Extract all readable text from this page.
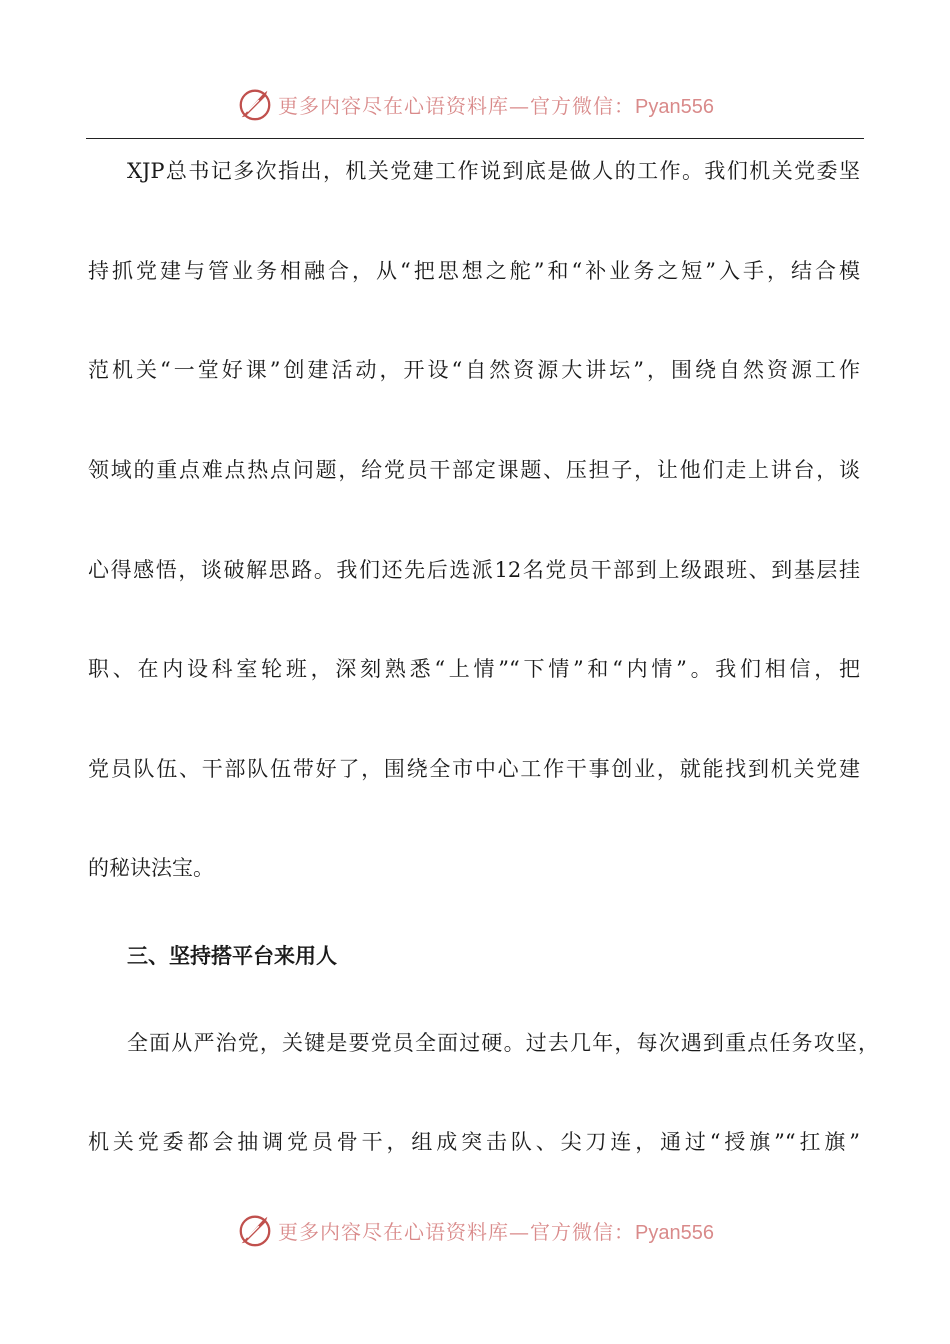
更多内容尽在心语资料库—官方微信：Pyan556
XJP总书记多次指出，机关党建工作说到底是做人的工作。我们机关党委坚
持抓党建与管业务相融合，从“把思想之舵”和“补业务之短”入手，结合模
范机关“一堂好课”创建活动，开设“自然资源大讲坛”，围绕自然资源工作
领域的重点难点热点问题，给党员干部定课题、压担子，让他们走上讲台，谈
心得感悟，谈破解思路。我们还先后选派12名党员干部到上级跟班、到基层挂
职、在内设科室轮班，深刻熟悉“上情”“下情”和“内情”。我们相信，把
党员队伍、干部队伍带好了，围绕全市中心工作干事创业，就能找到机关党建
的秘诀法宝。
三、坚持搭平台来用人
全面从严治党，关键是要党员全面过硬。过去几年，每次遇到重点任务攻坚，
机关党委都会抽调党员骨干，组成突击队、尖刀连，通过“授旗”“扛旗”
更多内容尽在心语资料库—官方微信：Pyan556
